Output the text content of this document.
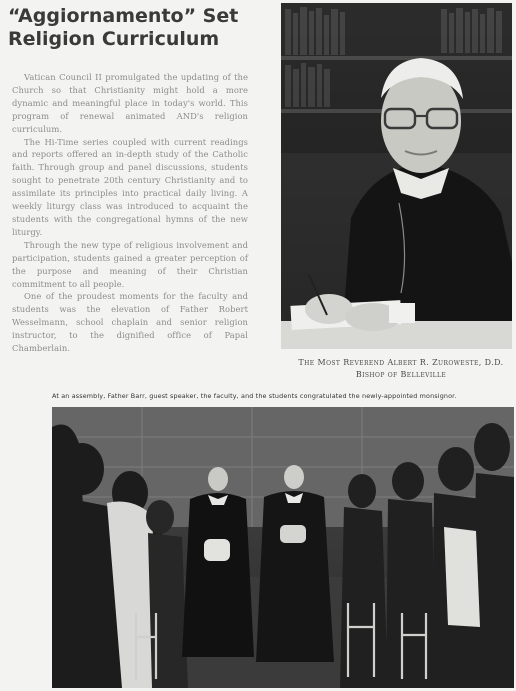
“Aggiornamento” Set
Religion Curriculum

Vatican Council II promulgated the updating of the Church so that Christianity might hold a more dynamic and meaningful place in today's world. This program of renewal animated AND's religion curriculum.

The Hi-Time series coupled with current readings and reports offered an in-depth study of the Catholic faith. Through group and panel discussions, students sought to penetrate 20th century Christianity and to assimilate its principles into practical daily living. A weekly liturgy class was introduced to acquaint the students with the congregational hymns of the new liturgy.

Through the new type of religious involvement and participation, students gained a greater perception of the purpose and meaning of their Christian commitment to all people.

One of the proudest moments for the faculty and students was the elevation of Father Robert Wesselmann, school chaplain and senior religion instructor, to the dignified office of Papal Chamberlain.

The Most Reverend Albert R. Zuroweste, D.D.
Bishop of Belleville
At an assembly, Father Barr, guest speaker, the faculty, and the students congratulated the newly-appointed monsignor.
